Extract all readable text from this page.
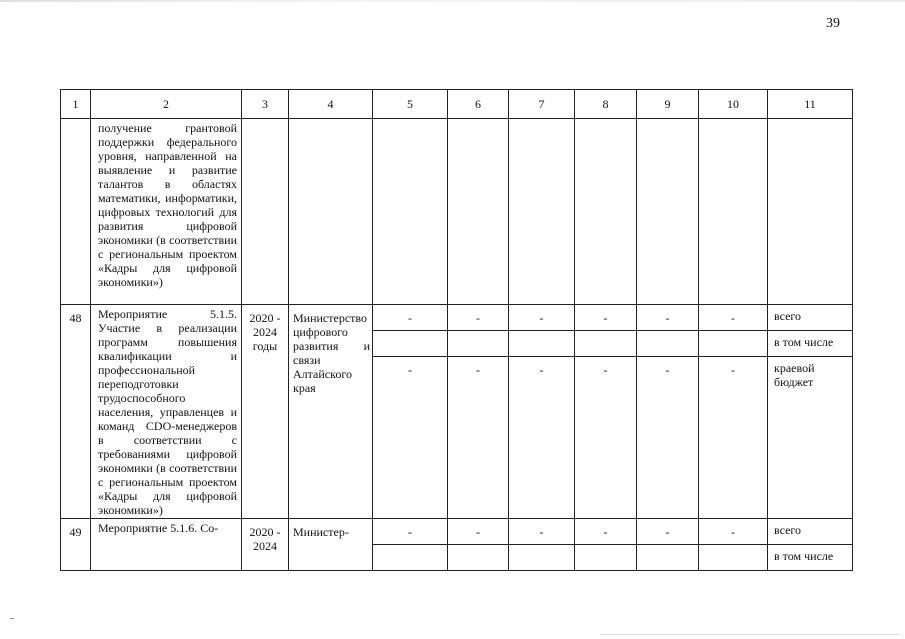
39
1	2	3	4	5	6	7	8	9	10	11
	получение грантовой поддержки федерального уровня, направленной на выявление и развитие талантов в областях математики, информатики, цифровых технологий для развития цифровой экономики (в соответствии с региональным проектом «Кадры для цифровой экономики»)									
48	Мероприятие 5.1.5. Участие в реализации программ повышения квалификации и профессиональной переподготовки трудоспособного населения, управленцев и команд CDO-менеджеров в соответствии с требованиями цифровой экономики (в соответствии с региональным проектом «Кадры для цифровой экономики»)	2020 - 2024 годы	Министерство цифрового развития и связи Алтайского края	-	-	-	-	-	-	всего
										в том числе
				-	-	-	-	-	-	краевой бюджет
49	Мероприятие 5.1.6. Со-	2020 - 2024	Министер-	-	-	-	-	-	-	всего
										в том числе
